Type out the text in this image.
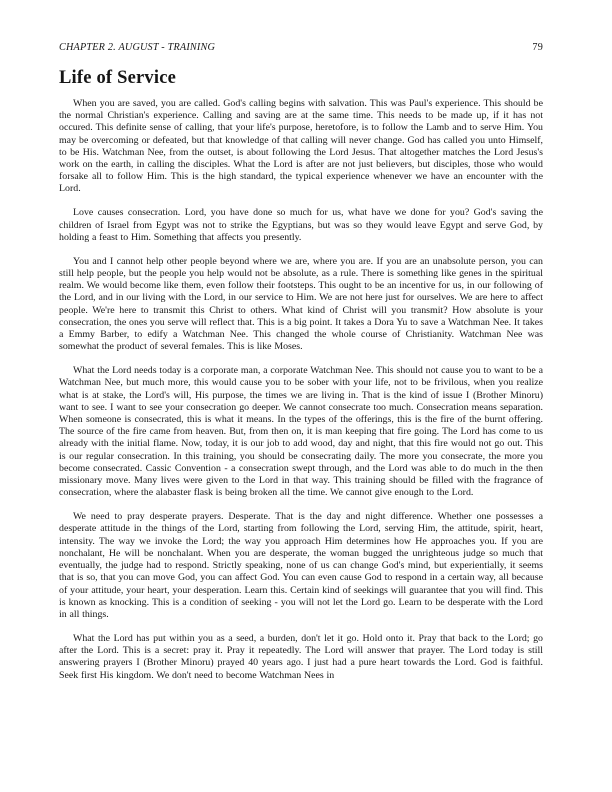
CHAPTER 2. AUGUST - TRAINING	79
Life of Service

When you are saved, you are called. God's calling begins with salvation. This was Paul's experience. This should be the normal Christian's experience. Calling and saving are at the same time. This needs to be made up, if it has not occured. This definite sense of calling, that your life's purpose, heretofore, is to follow the Lamb and to serve Him. You may be overcoming or defeated, but that knowledge of that calling will never change. God has called you unto Himself, to be His. Watchman Nee, from the outset, is about following the Lord Jesus. That altogether matches the Lord Jesus's work on the earth, in calling the disciples. What the Lord is after are not just believers, but disciples, those who would forsake all to follow Him. This is the high standard, the typical experience whenever we have an encounter with the Lord.

Love causes consecration. Lord, you have done so much for us, what have we done for you? God's saving the children of Israel from Egypt was not to strike the Egyptians, but was so they would leave Egypt and serve God, by holding a feast to Him. Something that affects you presently.

You and I cannot help other people beyond where we are, where you are. If you are an unabsolute person, you can still help people, but the people you help would not be absolute, as a rule. There is something like genes in the spiritual realm. We would become like them, even follow their footsteps. This ought to be an incentive for us, in our following of the Lord, and in our living with the Lord, in our service to Him. We are not here just for ourselves. We are here to affect people. We're here to transmit this Christ to others. What kind of Christ will you transmit? How absolute is your consecration, the ones you serve will reflect that. This is a big point. It takes a Dora Yu to save a Watchman Nee. It takes a Emmy Barber, to edify a Watchman Nee. This changed the whole course of Christianity. Watchman Nee was somewhat the product of several females. This is like Moses.

What the Lord needs today is a corporate man, a corporate Watchman Nee. This should not cause you to want to be a Watchman Nee, but much more, this would cause you to be sober with your life, not to be frivilous, when you realize what is at stake, the Lord's will, His purpose, the times we are living in. That is the kind of issue I (Brother Minoru) want to see. I want to see your consecration go deeper. We cannot consecrate too much. Consecration means separation. When someone is consecrated, this is what it means. In the types of the offerings, this is the fire of the burnt offering. The source of the fire came from heaven. But, from then on, it is man keeping that fire going. The Lord has come to us already with the initial flame. Now, today, it is our job to add wood, day and night, that this fire would not go out. This is our regular consecration. In this training, you should be consecrating daily. The more you consecrate, the more you become consecrated. Cassic Convention - a consecration swept through, and the Lord was able to do much in the then missionary move. Many lives were given to the Lord in that way. This training should be filled with the fragrance of consecration, where the alabaster flask is being broken all the time. We cannot give enough to the Lord.

We need to pray desperate prayers. Desperate. That is the day and night difference. Whether one possesses a desperate attitude in the things of the Lord, starting from following the Lord, serving Him, the attitude, spirit, heart, intensity. The way we invoke the Lord; the way you approach Him determines how He approaches you. If you are nonchalant, He will be nonchalant. When you are desperate, the woman bugged the unrighteous judge so much that eventually, the judge had to respond. Strictly speaking, none of us can change God's mind, but experientially, it seems that is so, that you can move God, you can affect God. You can even cause God to respond in a certain way, all because of your attitude, your heart, your desperation. Learn this. Certain kind of seekings will guarantee that you will find. This is known as knocking. This is a condition of seeking - you will not let the Lord go. Learn to be desperate with the Lord in all things.

What the Lord has put within you as a seed, a burden, don't let it go. Hold onto it. Pray that back to the Lord; go after the Lord. This is a secret: pray it. Pray it repeatedly. The Lord will answer that prayer. The Lord today is still answering prayers I (Brother Minoru) prayed 40 years ago. I just had a pure heart towards the Lord. God is faithful. Seek first His kingdom. We don't need to become Watchman Nees in
